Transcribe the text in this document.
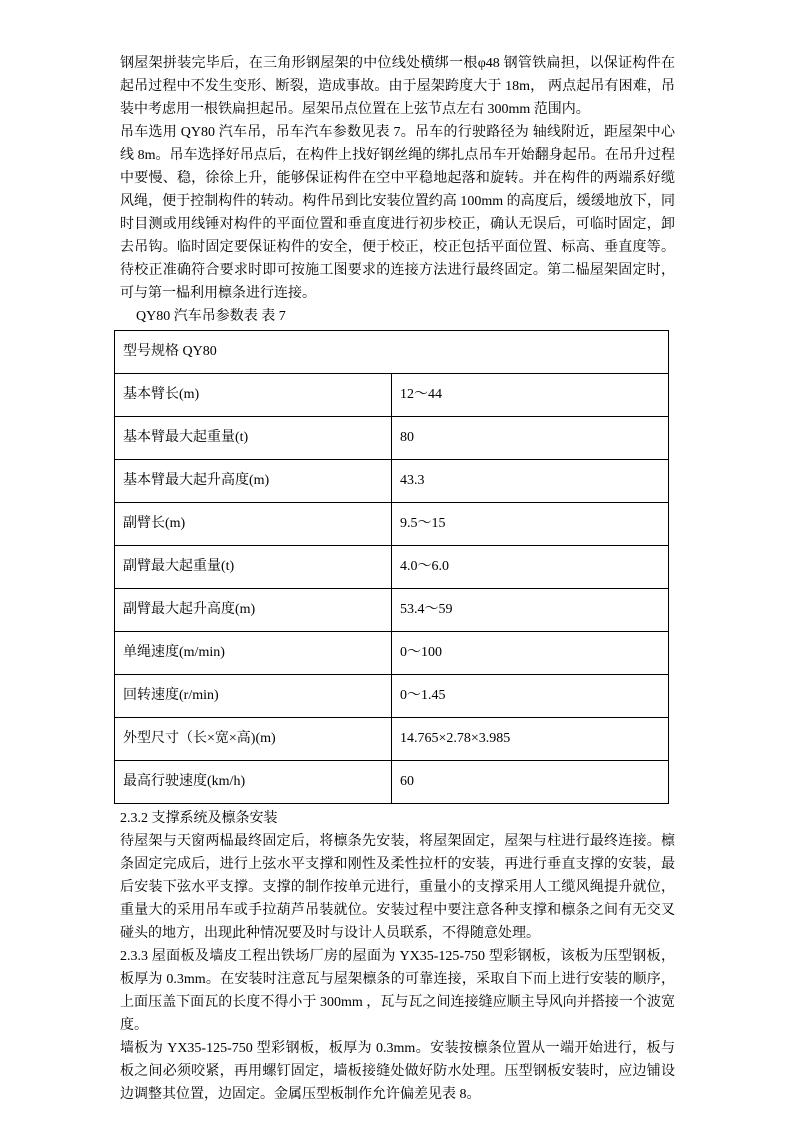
钢屋架拼装完毕后，在三角形钢屋架的中位线处横绑一根φ48 钢管铁扁担，以保证构件在起吊过程中不发生变形、断裂，造成事故。由于屋架跨度大于 18m， 两点起吊有困难，吊装中考虑用一根铁扁担起吊。屋架吊点位置在上弦节点左右 300mm 范围内。

吊车选用 QY80 汽车吊，吊车汽车参数见表 7。吊车的行驶路径为 轴线附近，距屋架中心线 8m。吊车选择好吊点后，在构件上找好钢丝绳的绑扎点吊车开始翻身起吊。在吊升过程中要慢、稳，徐徐上升，能够保证构件在空中平稳地起落和旋转。并在构件的两端系好缆风绳，便于控制构件的转动。构件吊到比安装位置约高 100mm 的高度后，缓缓地放下，同时目测或用线锤对构件的平面位置和垂直度进行初步校正，确认无误后，可临时固定，卸去吊钩。临时固定要保证构件的安全，便于校正，校正包括平面位置、标高、垂直度等。待校正准确符合要求时即可按施工图要求的连接方法进行最终固定。第二榀屋架固定时，可与第一榀利用檩条进行连接。

QY80 汽车吊参数表 表 7

型号规格 QY80	
基本臂长(m)	12～44
基本臂最大起重量(t)	80
基本臂最大起升高度(m)	43.3
副臂长(m)	9.5～15
副臂最大起重量(t)	4.0～6.0
副臂最大起升高度(m)	53.4～59
单绳速度(m/min)	0～100
回转速度(r/min)	0～1.45
外型尺寸（长×宽×高)(m)	14.765×2.78×3.985
最高行驶速度(km/h)	60

2.3.2 支撑系统及檩条安装

待屋架与天窗两榀最终固定后，将檩条先安装，将屋架固定，屋架与柱进行最终连接。檩条固定完成后，进行上弦水平支撑和刚性及柔性拉杆的安装，再进行垂直支撑的安装，最后安装下弦水平支撑。支撑的制作按单元进行，重量小的支撑采用人工缆风绳提升就位，重量大的采用吊车或手拉葫芦吊装就位。安装过程中要注意各种支撑和檩条之间有无交叉碰头的地方，出现此种情况要及时与设计人员联系，不得随意处理。

2.3.3 屋面板及墙皮工程出铁场厂房的屋面为 YX35-125-750 型彩钢板，该板为压型钢板，板厚为 0.3mm。在安装时注意瓦与屋架檩条的可靠连接，采取自下而上进行安装的顺序，上面压盖下面瓦的长度不得小于 300mm ，瓦与瓦之间连接缝应顺主导风向并搭接一个波宽度。

墙板为 YX35-125-750 型彩钢板，板厚为 0.3mm。安装按檩条位置从一端开始进行，板与板之间必须咬紧，再用螺钉固定，墙板接缝处做好防水处理。压型钢板安装时，应边铺设边调整其位置，边固定。金属压型板制作允许偏差见表 8。
